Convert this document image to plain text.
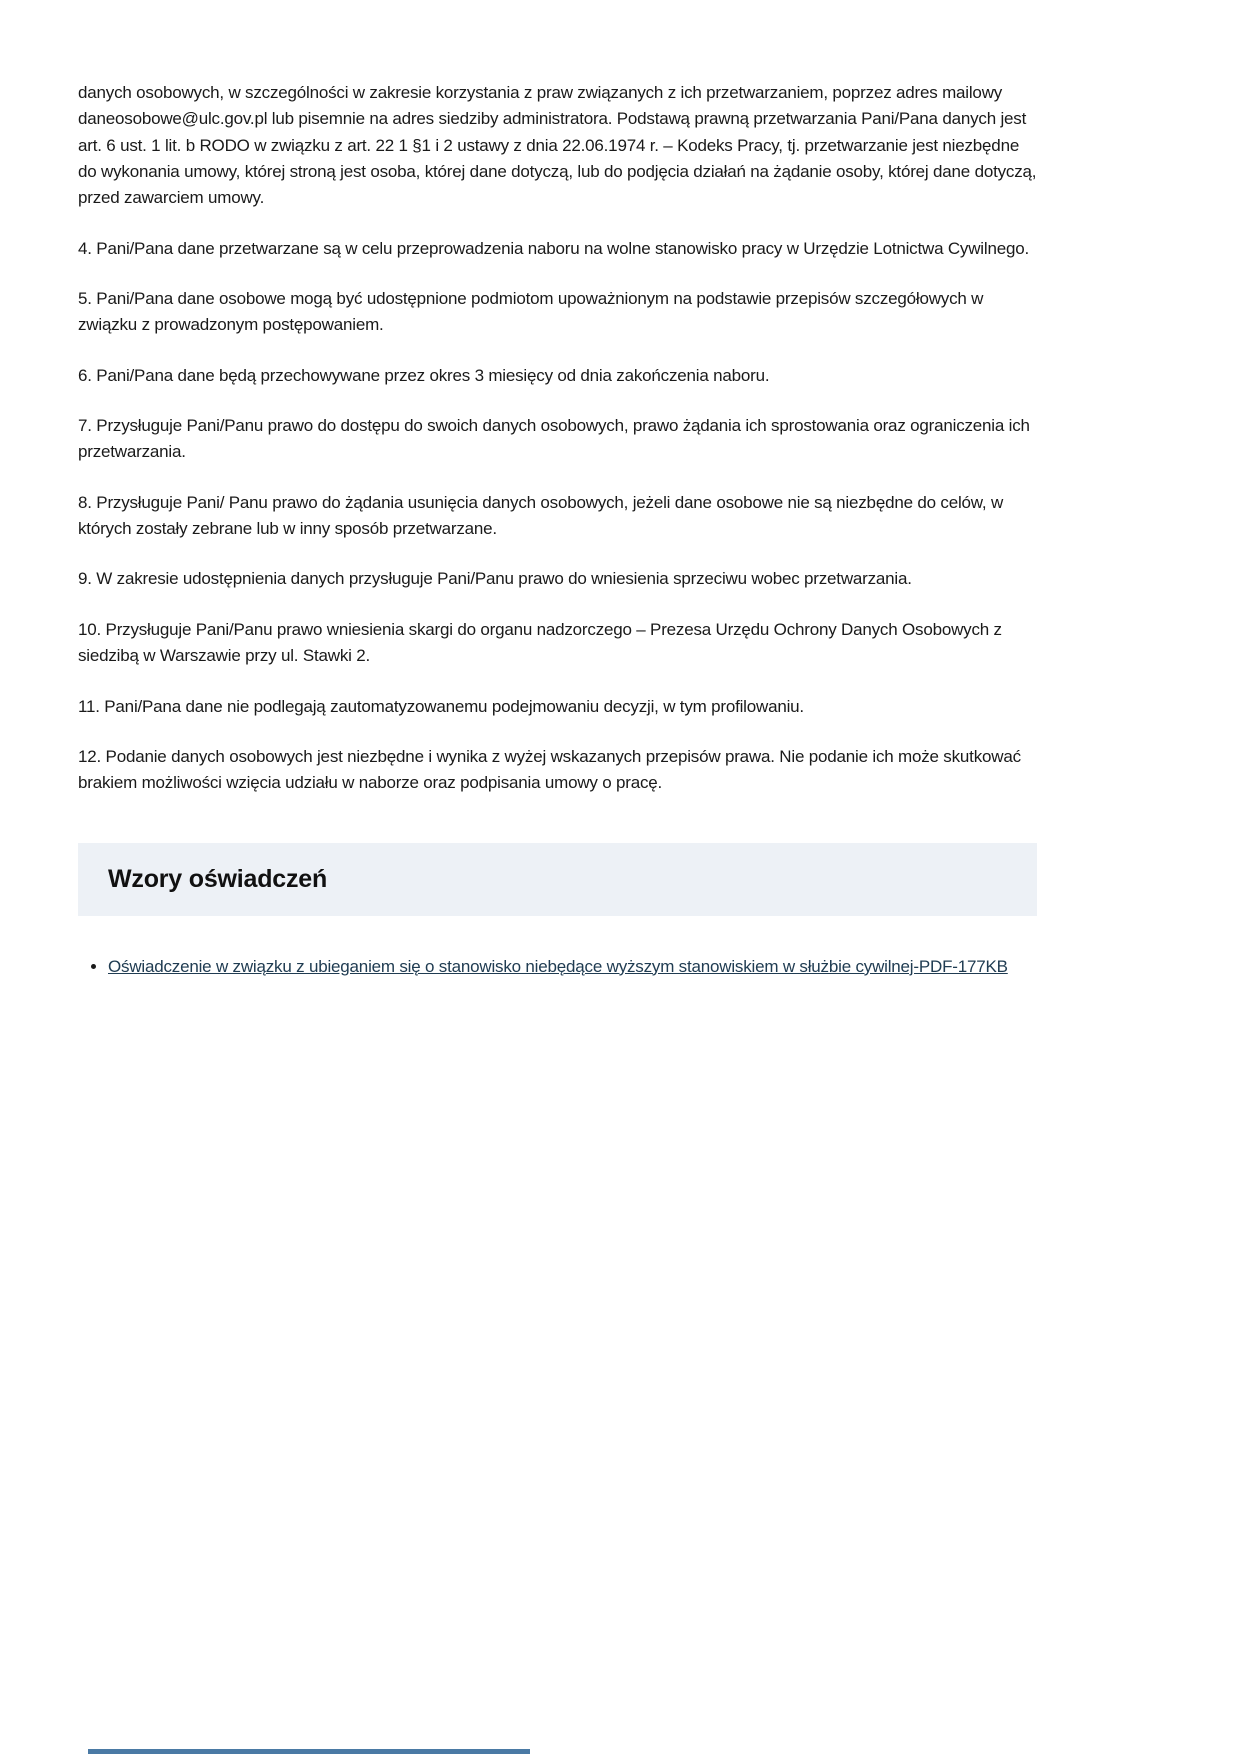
danych osobowych, w szczególności w zakresie korzystania z praw związanych z ich przetwarzaniem, poprzez adres mailowy daneosobowe@ulc.gov.pl lub pisemnie na adres siedziby administratora. Podstawą prawną przetwarzania Pani/Pana danych jest art. 6 ust. 1 lit. b RODO w związku z art. 22 1 §1 i 2 ustawy z dnia 22.06.1974 r. – Kodeks Pracy, tj. przetwarzanie jest niezbędne do wykonania umowy, której stroną jest osoba, której dane dotyczą, lub do podjęcia działań na żądanie osoby, której dane dotyczą, przed zawarciem umowy.

4. Pani/Pana dane przetwarzane są w celu przeprowadzenia naboru na wolne stanowisko pracy w Urzędzie Lotnictwa Cywilnego.

5. Pani/Pana dane osobowe mogą być udostępnione podmiotom upoważnionym na podstawie przepisów szczegółowych w związku z prowadzonym postępowaniem.

6. Pani/Pana dane będą przechowywane przez okres 3 miesięcy od dnia zakończenia naboru.

7. Przysługuje Pani/Panu prawo do dostępu do swoich danych osobowych, prawo żądania ich sprostowania oraz ograniczenia ich przetwarzania.

8. Przysługuje Pani/ Panu prawo do żądania usunięcia danych osobowych, jeżeli dane osobowe nie są niezbędne do celów, w których zostały zebrane lub w inny sposób przetwarzane.

9. W zakresie udostępnienia danych przysługuje Pani/Panu prawo do wniesienia sprzeciwu wobec przetwarzania.

10. Przysługuje Pani/Panu prawo wniesienia skargi do organu nadzorczego – Prezesa Urzędu Ochrony Danych Osobowych z siedzibą w Warszawie przy ul. Stawki 2.

11. Pani/Pana dane nie podlegają zautomatyzowanemu podejmowaniu decyzji, w tym profilowaniu.

12. Podanie danych osobowych jest niezbędne i wynika z wyżej wskazanych przepisów prawa. Nie podanie ich może skutkować brakiem możliwości wzięcia udziału w naborze oraz podpisania umowy o pracę.

Wzory oświadczeń
• Oświadczenie w związku z ubieganiem się o stanowisko niebędące wyższym stanowiskiem w służbie cywilnej-PDF-177KB
